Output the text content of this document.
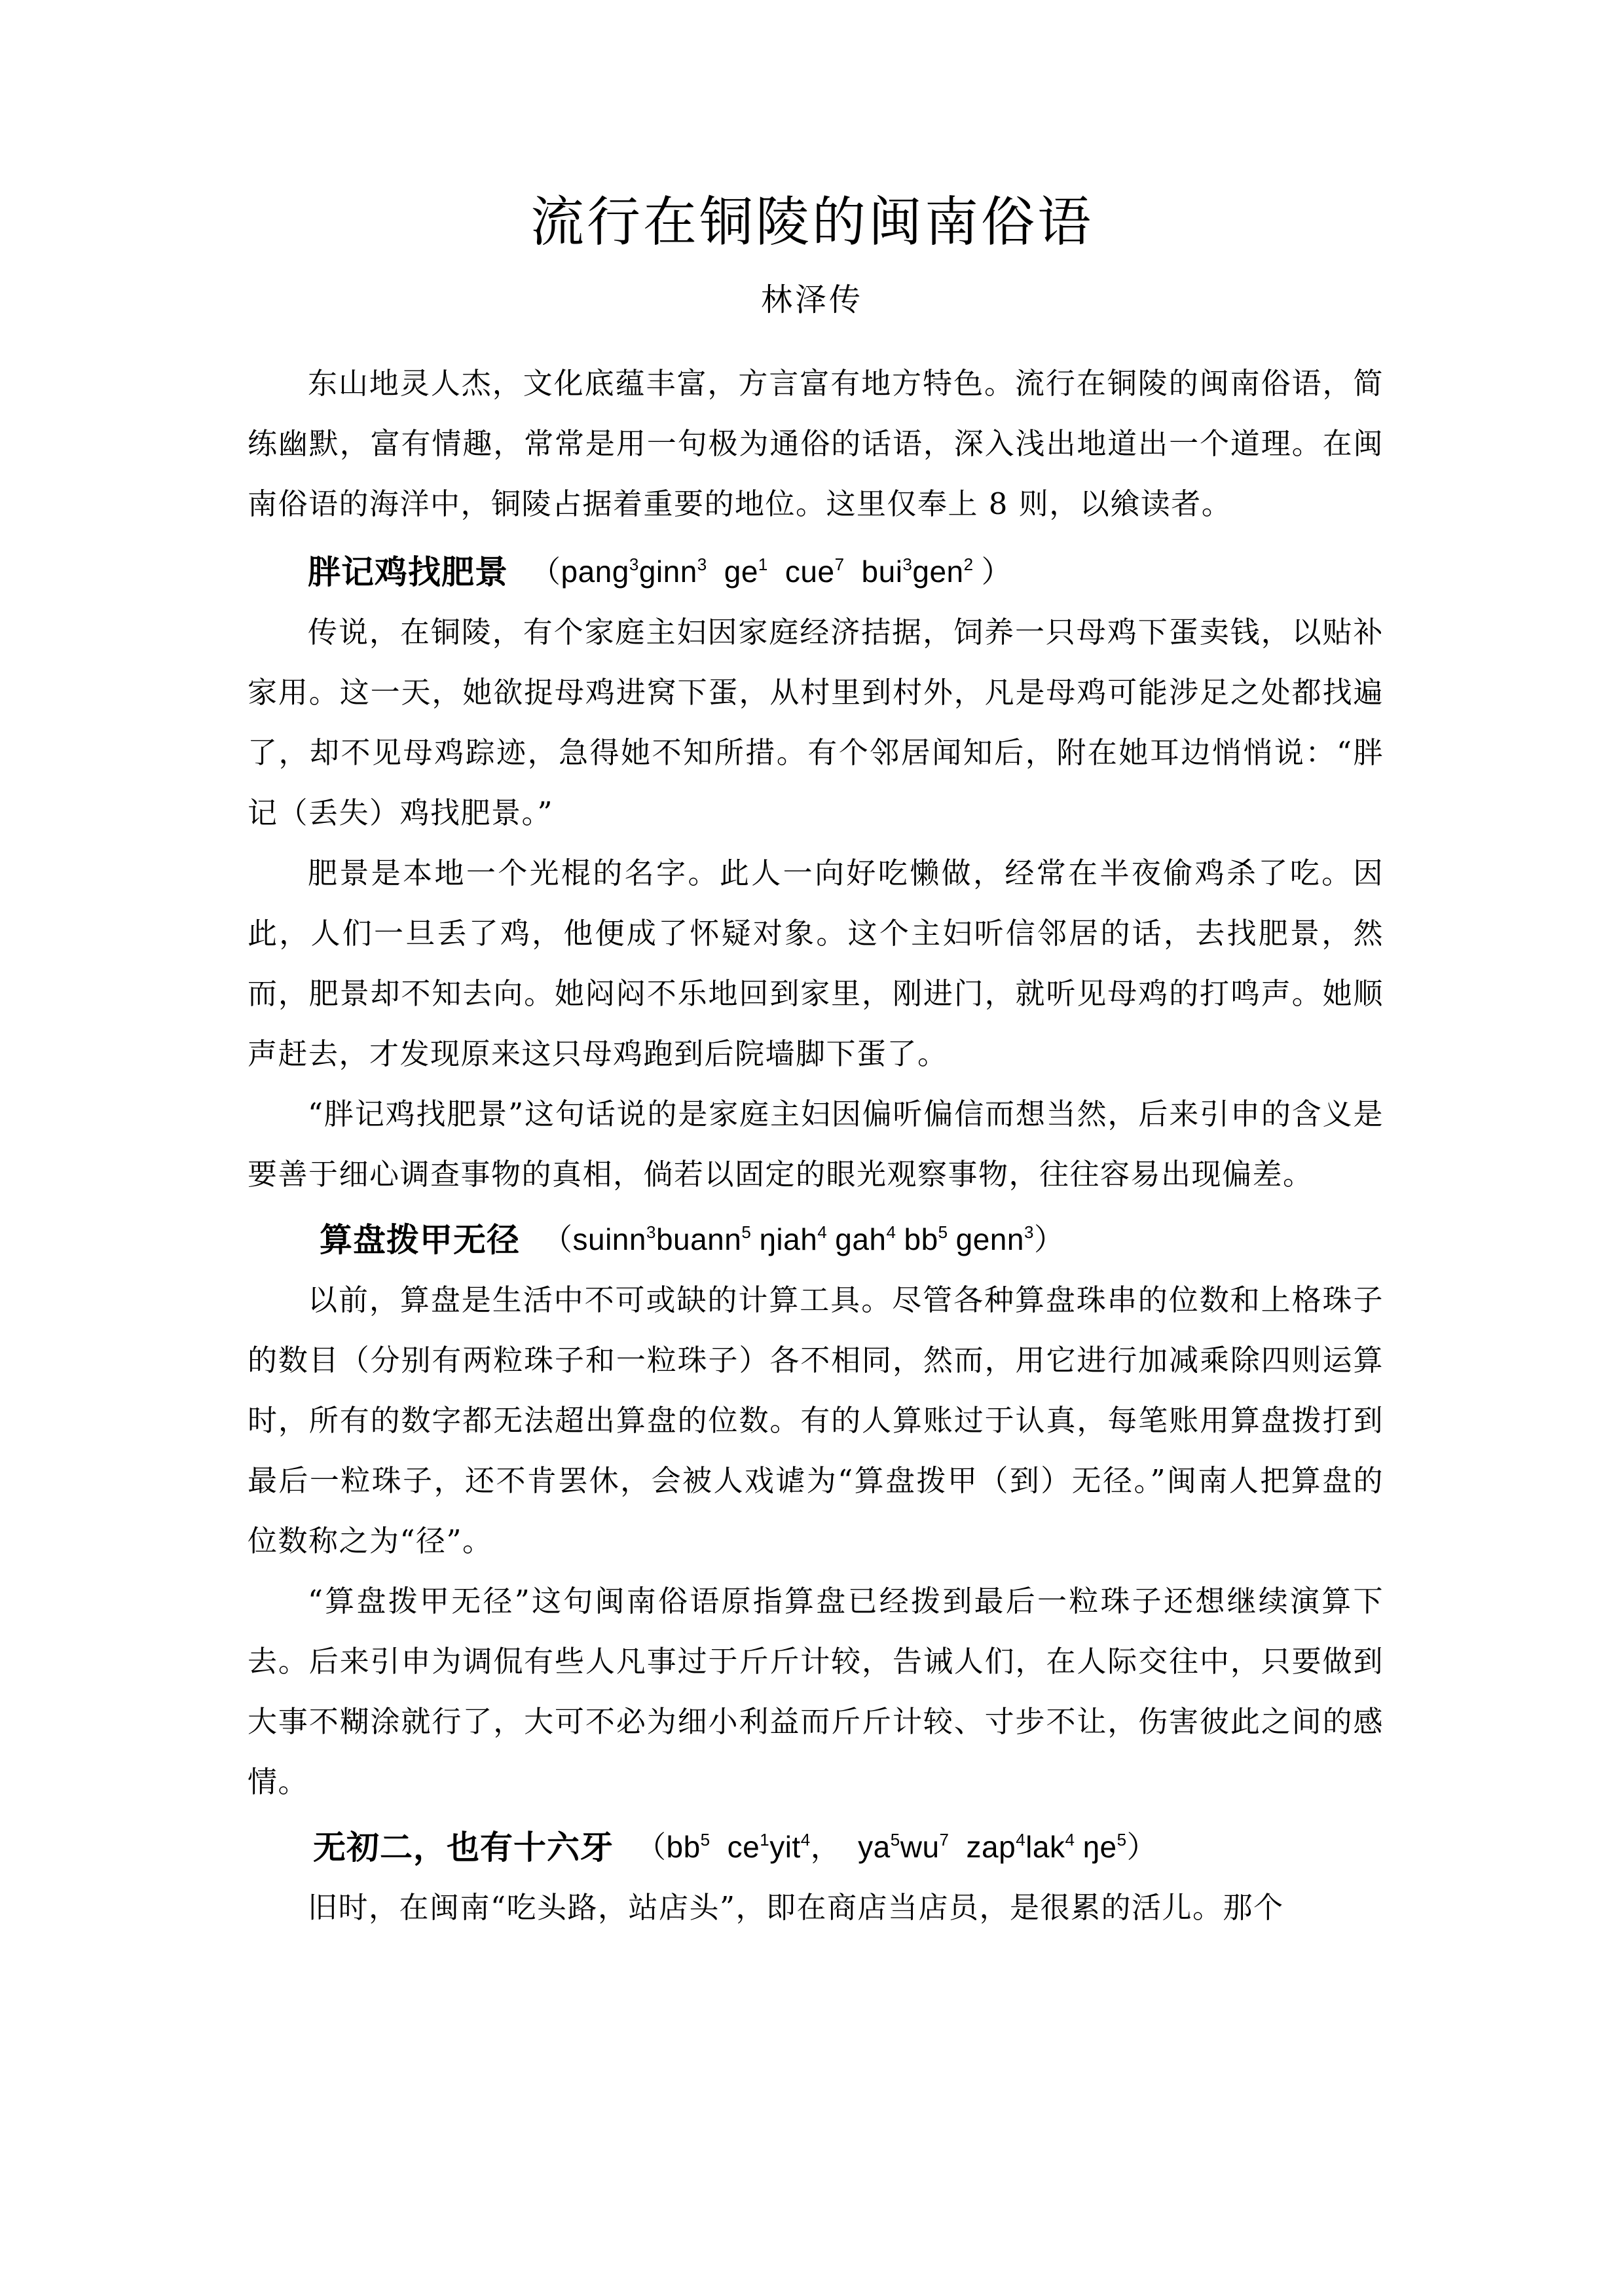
流行在铜陵的闽南俗语
林泽传

东山地灵人杰，文化底蕴丰富，方言富有地方特色。流行在铜陵的闽南俗语，简练幽默，富有情趣，常常是用一句极为通俗的话语，深入浅出地道出一个道理。在闽南俗语的海洋中，铜陵占据着重要的地位。这里仅奉上 8 则，以飨读者。

胖记鸡找肥景 （pang$^3$ginn$^3$ $ge^1$ cue$^7$ bui$^3$gen$^2$ ）

传说，在铜陵，有个家庭主妇因家庭经济拮据，饲养一只母鸡下蛋卖钱，以贴补家用。这一天，她欲捉母鸡进窝下蛋，从村里到村外，凡是母鸡可能涉足之处都找遍了，却不见母鸡踪迹，急得她不知所措。有个邻居闻知后，附在她耳边悄悄说：“胖记（丢失）鸡找肥景。”

肥景是本地一个光棍的名字。此人一向好吃懒做，经常在半夜偷鸡杀了吃。因此，人们一旦丢了鸡，他便成了怀疑对象。这个主妇听信邻居的话，去找肥景，然而，肥景却不知去向。她闷闷不乐地回到家里，刚进门，就听见母鸡的打鸣声。她顺声赶去，才发现原来这只母鸡跑到后院墙脚下蛋了。

“胖记鸡找肥景”这句话说的是家庭主妇因偏听偏信而想当然，后来引申的含义是要善于细心调查事物的真相，倘若以固定的眼光观察事物，往往容易出现偏差。

算盘拨甲无径 （suinn$^3$buann$^5$ ŋiah$^4$ gah$^4$ $bb^5$ genn$^3$）

以前，算盘是生活中不可或缺的计算工具。尽管各种算盘珠串的位数和上格珠子的数目（分别有两粒珠子和一粒珠子）各不相同，然而，用它进行加减乘除四则运算时，所有的数字都无法超出算盘的位数。有的人算账过于认真，每笔账用算盘拨打到最后一粒珠子，还不肯罢休，会被人戏谑为“算盘拨甲（到）无径。”闽南人把算盘的位数称之为“径”。

“算盘拨甲无径”这句闽南俗语原指算盘已经拨到最后一粒珠子还想继续演算下去。后来引申为调侃有些人凡事过于斤斤计较，告诫人们，在人际交往中，只要做到大事不糊涂就行了，大可不必为细小利益而斤斤计较、寸步不让，伤害彼此之间的感情。

无初二，也有十六牙 （$bb^5$ $ce^1yit^4$， $ya^5wu^7$ zap$^4$lak$^4$ $ŋe^5$）

旧时，在闽南“吃头路，站店头”，即在商店当店员，是很累的活儿。那个
